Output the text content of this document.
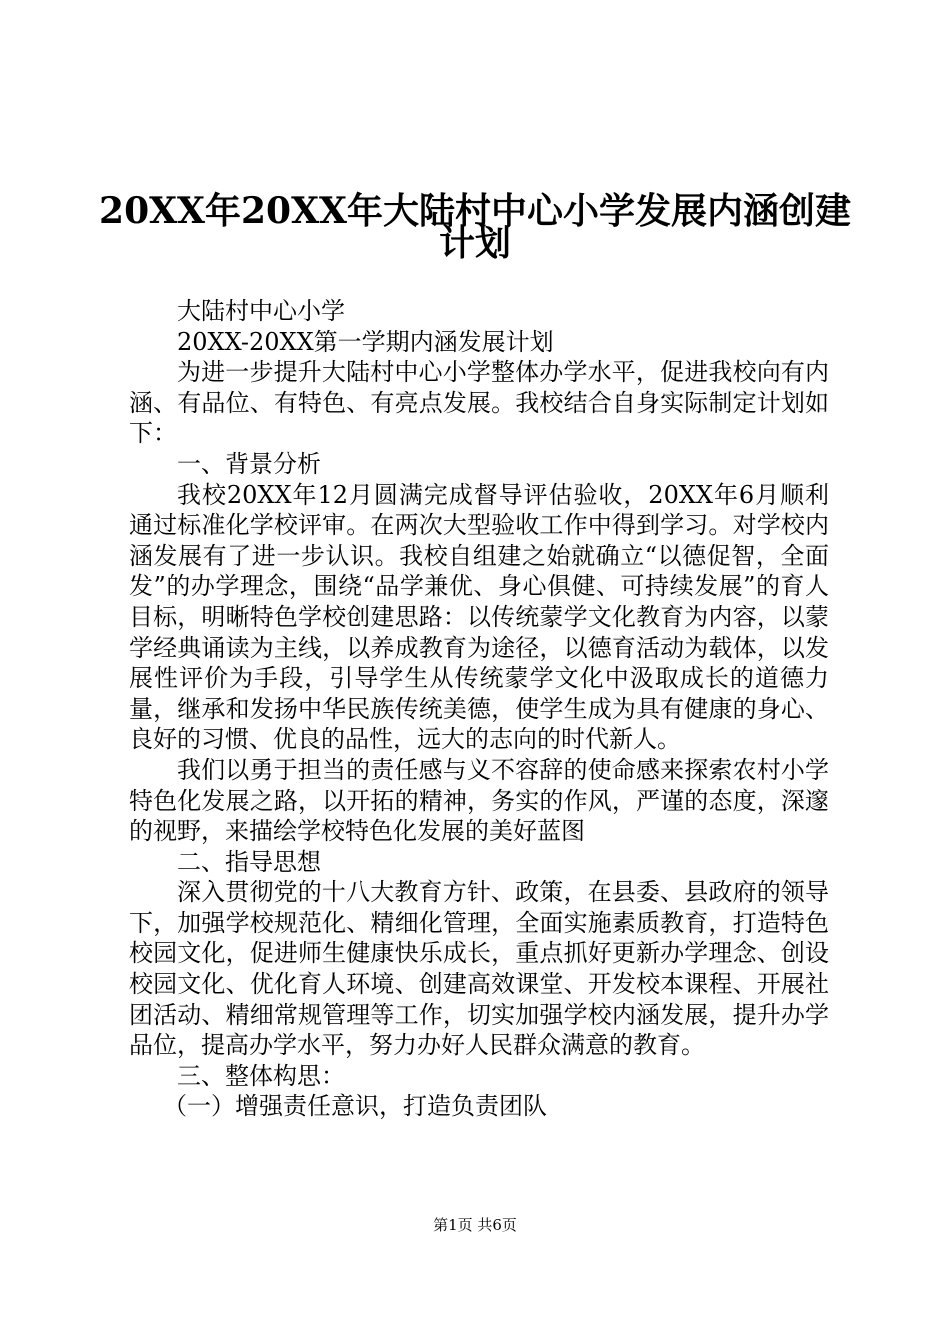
20XX年20XX年大陆村中心小学发展内涵创建
计划

大陆村中心小学

20XX-20XX第一学期内涵发展计划

为进一步提升大陆村中心小学整体办学水平，促进我校向有内涵、有品位、有特色、有亮点发展。我校结合自身实际制定计划如下：

一、背景分析

我校20XX年12月圆满完成督导评估验收，20XX年6月顺利通过标准化学校评审。在两次大型验收工作中得到学习。对学校内涵发展有了进一步认识。我校自组建之始就确立“以德促智，全面发”的办学理念，围绕“品学兼优、身心俱健、可持续发展”的育人目标，明晰特色学校创建思路：以传统蒙学文化教育为内容，以蒙学经典诵读为主线，以养成教育为途径，以德育活动为载体，以发展性评价为手段，引导学生从传统蒙学文化中汲取成长的道德力量，继承和发扬中华民族传统美德，使学生成为具有健康的身心、良好的习惯、优良的品性，远大的志向的时代新人。

我们以勇于担当的责任感与义不容辞的使命感来探索农村小学特色化发展之路，以开拓的精神，务实的作风，严谨的态度，深邃的视野，来描绘学校特色化发展的美好蓝图

二、指导思想

深入贯彻党的十八大教育方针、政策，在县委、县政府的领导下，加强学校规范化、精细化管理，全面实施素质教育，打造特色校园文化，促进师生健康快乐成长，重点抓好更新办学理念、创设校园文化、优化育人环境、创建高效课堂、开发校本课程、开展社团活动、精细常规管理等工作，切实加强学校内涵发展，提升办学品位，提高办学水平，努力办好人民群众满意的教育。

三、整体构思：

（一）增强责任意识，打造负责团队

第1页 共6页
